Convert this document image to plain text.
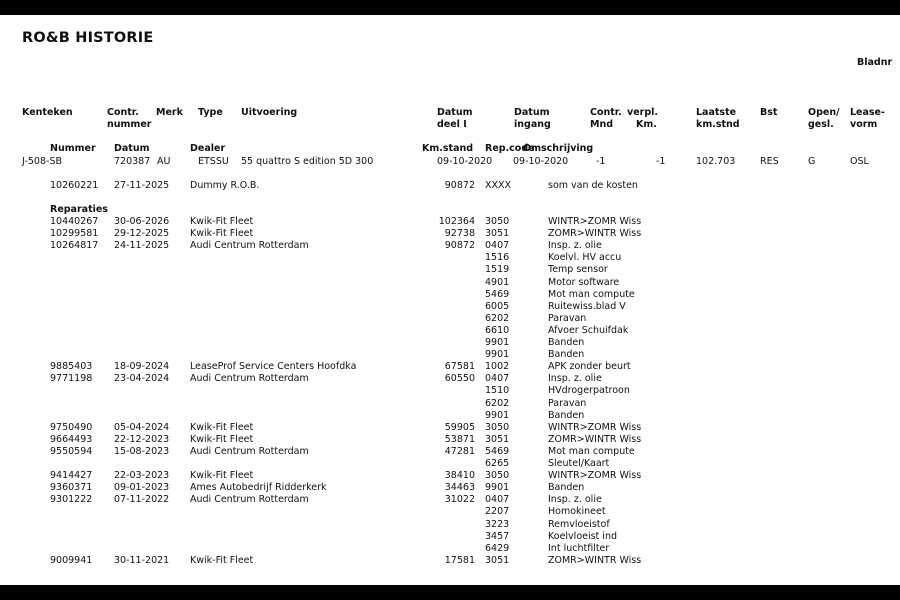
RO&B HISTORIE
Bladnr
Kenteken	Contr. Merk Type Uitvoering	Datum	Datum	Contr. verpl.	Laatste	Bst	Open/ Lease-
nummer	deel I	ingang	Mnd Km.	km.stnd	gesl. vorm
Nummer Datum	Dealer	Km.stand Rep.code
Omschrijving
J-508-SB	720387 AU	ETSSU 55 quattro S edition 5D 300	09-10-2020 09-10-2020	-1	-1	102.703	RES	G	OSL
10260221 27-11-2025 Dummy R.O.B.	90872 XXXX	som van de kosten
Reparaties
10440267 30-06-2026 Kwik-Fit Fleet	102364 3050	WINTR>ZOMR Wiss
10299581 29-12-2025 Kwik-Fit Fleet	92738 3051	ZOMR>WINTR Wiss
10264817 24-11-2025 Audi Centrum Rotterdam	90872 0407	Insp. z. olie
1516	Koelvl. HV accu
1519	Temp sensor
4901	Motor software
5469	Mot man compute
6005	Ruitewiss.blad V
6202	Paravan
6610	Afvoer Schuifdak
9901	Banden
9901	Banden
9885403 18-09-2024 LeaseProf Service Centers Hoofdka	67581 1002	APK zonder beurt
9771198 23-04-2024 Audi Centrum Rotterdam	60550 0407	Insp. z. olie
1510	HVdrogerpatroon
6202	Paravan
9901	Banden
9750490 05-04-2024 Kwik-Fit Fleet	59905 3050	WINTR>ZOMR Wiss
9664493 22-12-2023 Kwik-Fit Fleet	53871 3051	ZOMR>WINTR Wiss
9550594 15-08-2023 Audi Centrum Rotterdam	47281 5469	Mot man compute
6265	Sleutel/Kaart
9414427 22-03-2023 Kwik-Fit Fleet	38410 3050	WINTR>ZOMR Wiss
9360371 09-01-2023 Ames Autobedrijf Ridderkerk	34463 9901	Banden
9301222 07-11-2022 Audi Centrum Rotterdam	31022 0407	Insp. z. olie
2207	Homokineet
3223	Remvloeistof
3457	Koelvloeist ind
6429	Int luchtfilter
9009941 30-11-2021 Kwik-Fit Fleet	17581 3051	ZOMR>WINTR Wiss
